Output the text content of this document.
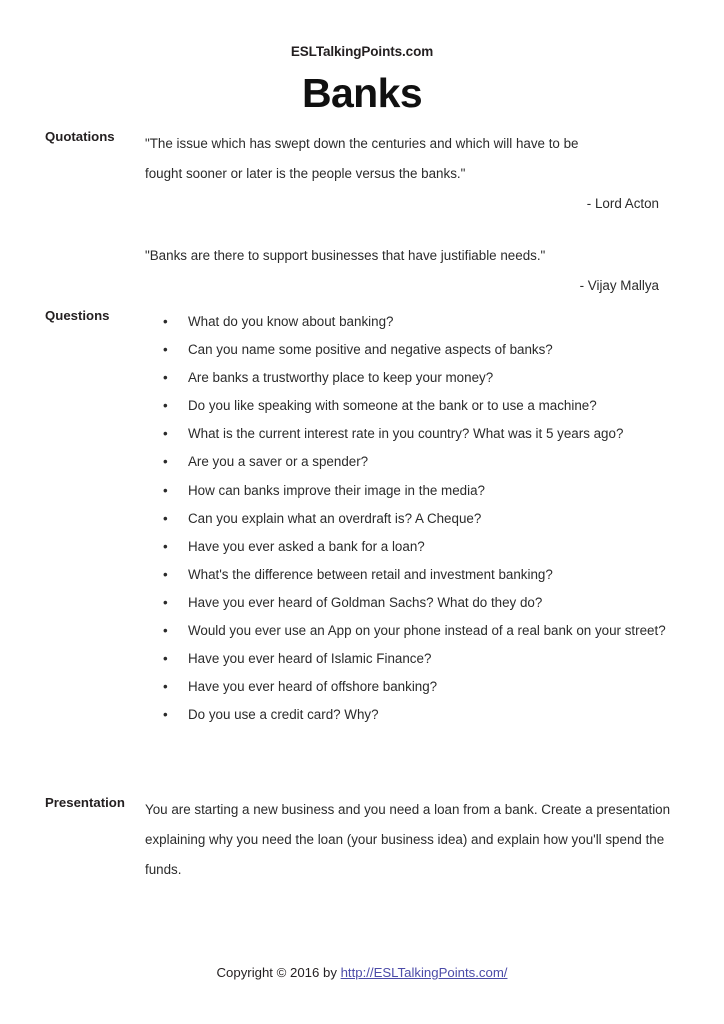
ESLTalkingPoints.com
Banks
Quotations	"The issue which has swept down the centuries and which will have to be
fought sooner or later is the people versus the banks."
- Lord Acton
"Banks are there to support businesses that have justifiable needs."
- Vijay Mallya
Questions	• What do you know about banking?
• Can you name some positive and negative aspects of banks?
• Are banks a trustworthy place to keep your money?
• Do you like speaking with someone at the bank or to use a machine?
• What is the current interest rate in you country? What was it 5 years ago?
• Are you a saver or a spender?
• How can banks improve their image in the media?
• Can you explain what an overdraft is? A Cheque?
• Have you ever asked a bank for a loan?
• What's the difference between retail and investment banking?
• Have you ever heard of Goldman Sachs? What do they do?
• Would you ever use an App on your phone instead of a real bank on your street?
• Have you ever heard of Islamic Finance?
• Have you ever heard of offshore banking?
• Do you use a credit card? Why?
Presentation	You are starting a new business and you need a loan from a bank. Create a presentation explaining why you need the loan (your business idea) and explain how you'll spend the funds.
Copyright © 2016 by http://ESLTalkingPoints.com/
